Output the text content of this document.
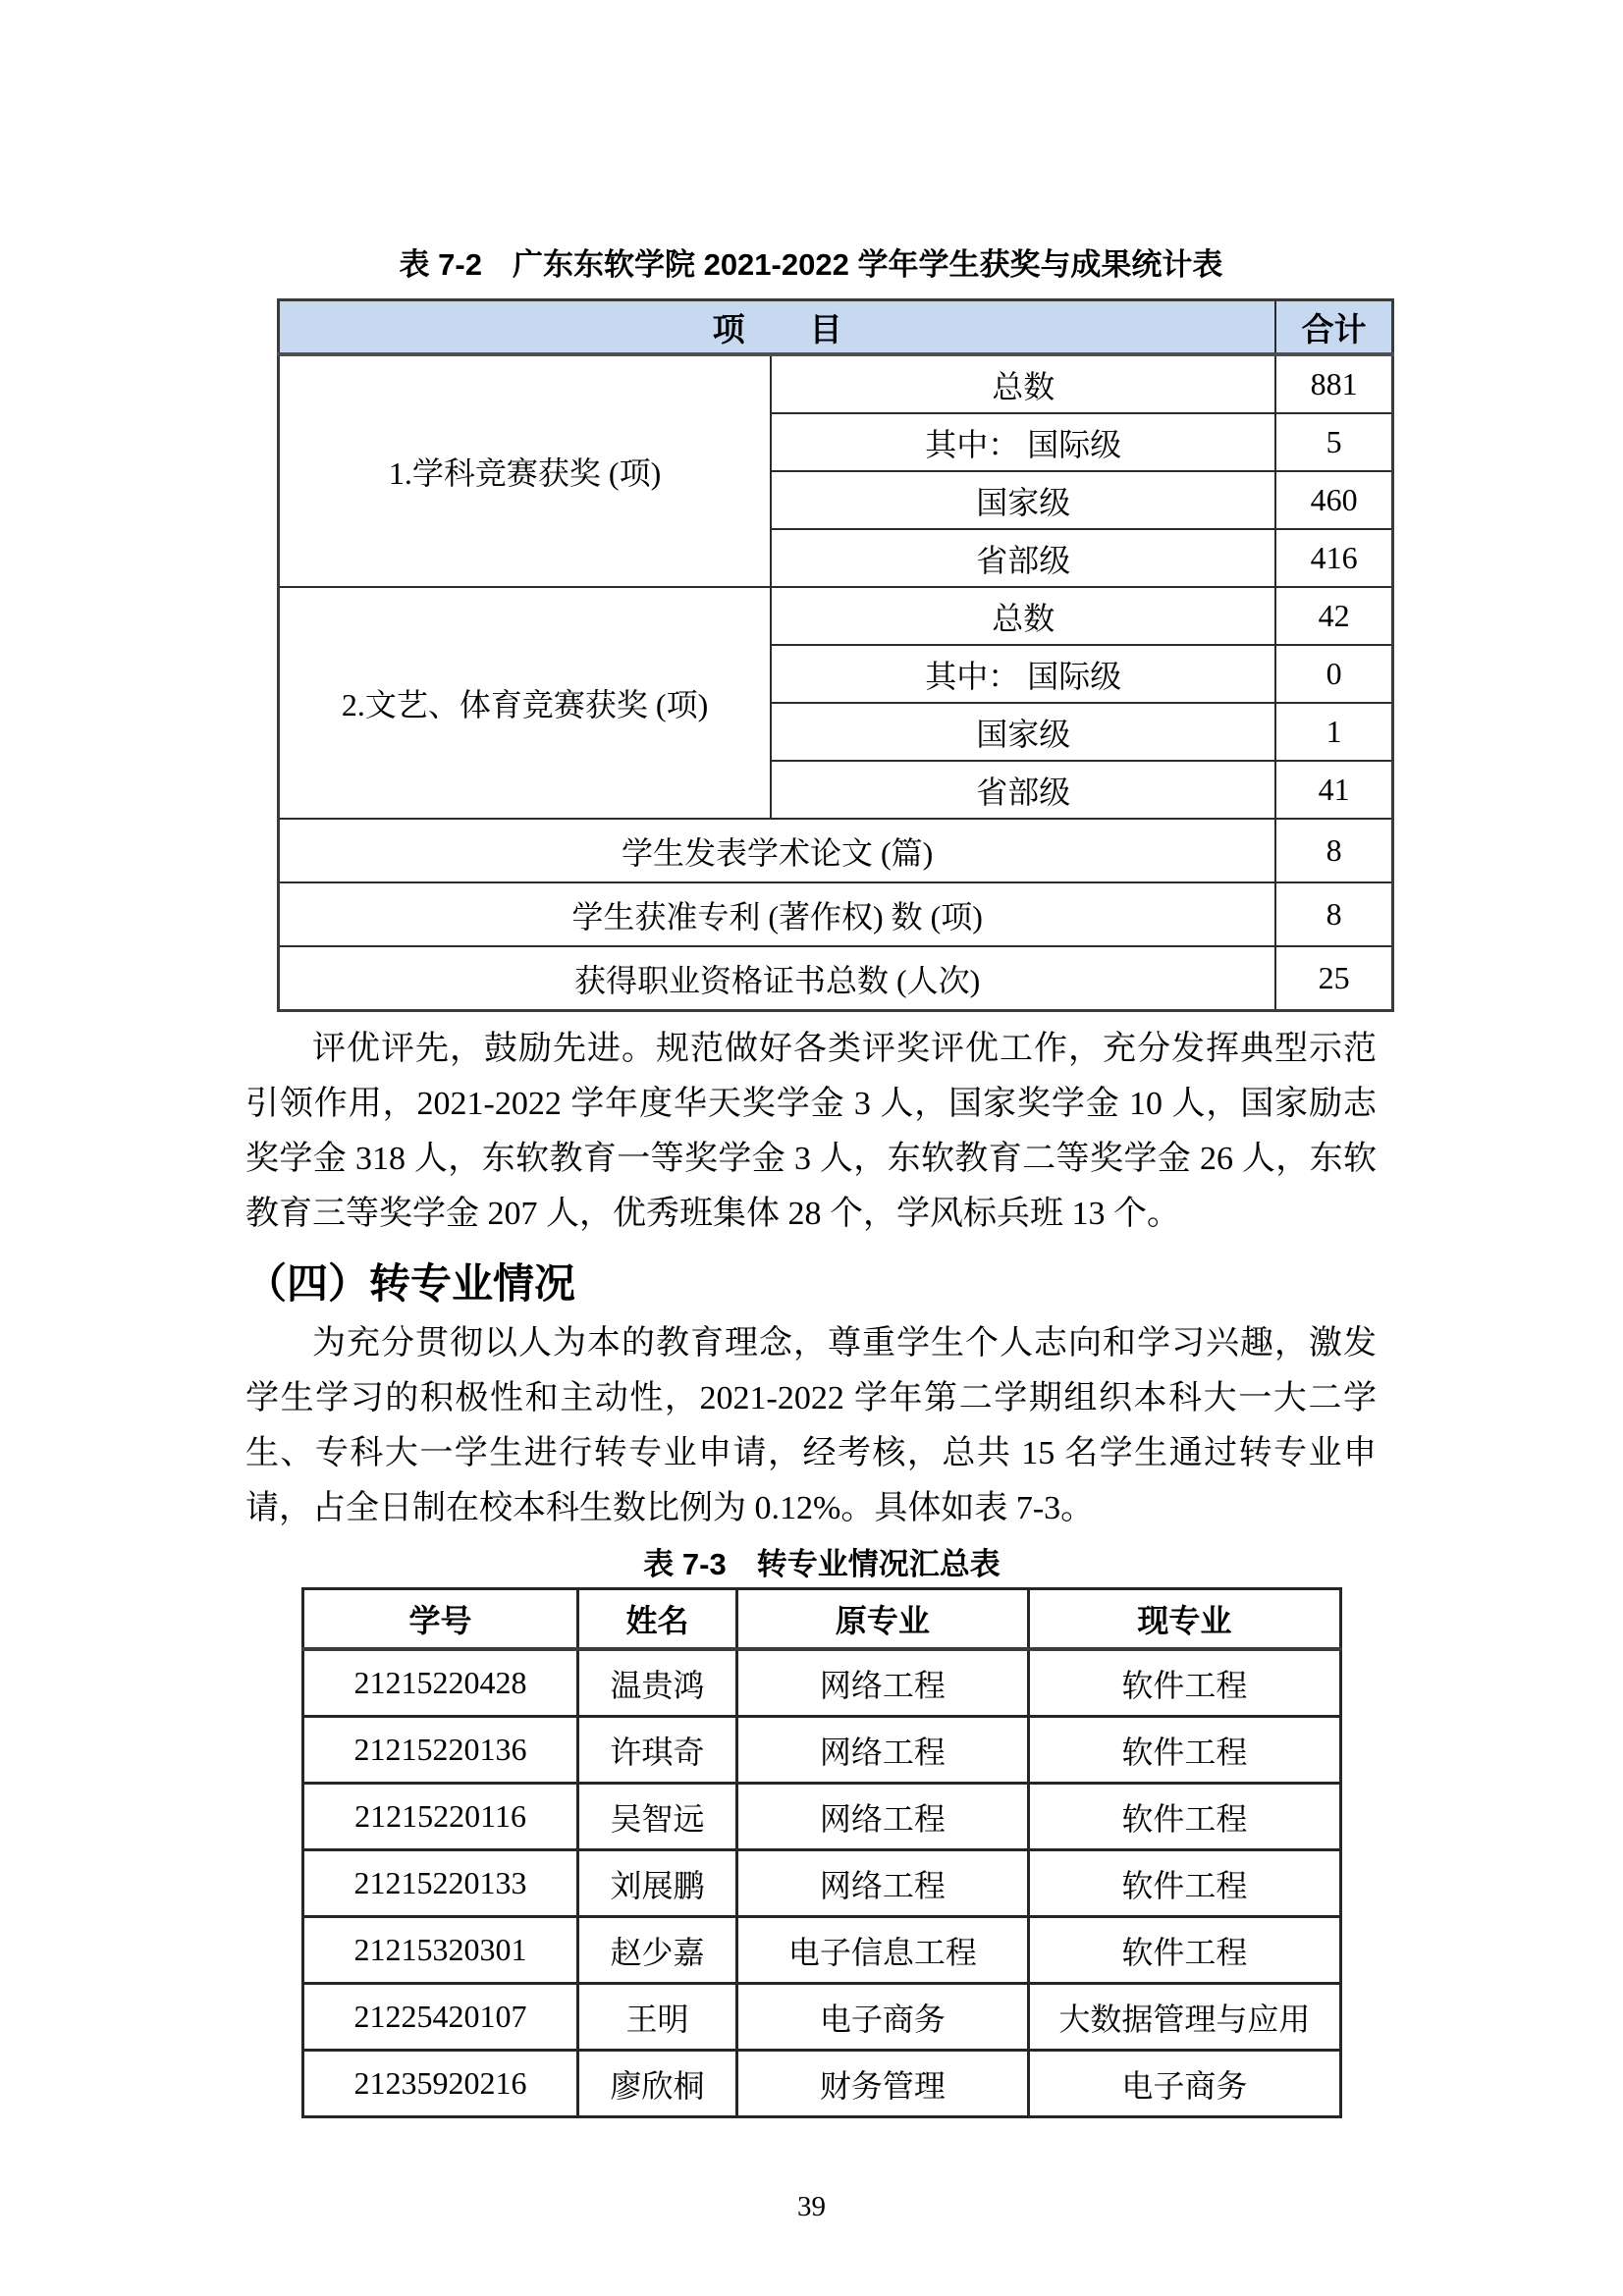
表 7-2　广东东软学院 2021-2022 学年学生获奖与成果统计表
项　　目		合计
1.学科竞赛获奖 (项)	总数	881
	其中： 国际级	5
	国家级	460
	省部级	416
2.文艺、体育竞赛获奖 (项)	总数	42
	其中： 国际级	0
	国家级	1
	省部级	41
学生发表学术论文 (篇)		8
学生获准专利 (著作权) 数 (项)		8
获得职业资格证书总数 (人次)		25

评优评先，鼓励先进。规范做好各类评奖评优工作，充分发挥典型示范引领作用，2021-2022 学年度华天奖学金 3 人，国家奖学金 10 人，国家励志奖学金 318 人，东软教育一等奖学金 3 人，东软教育二等奖学金 26 人，东软教育三等奖学金 207 人，优秀班集体 28 个，学风标兵班 13 个。

（四）转专业情况

为充分贯彻以人为本的教育理念，尊重学生个人志向和学习兴趣，激发学生学习的积极性和主动性，2021-2022 学年第二学期组织本科大一大二学生、专科大一学生进行转专业申请，经考核，总共 15 名学生通过转专业申请，占全日制在校本科生数比例为 0.12%。具体如表 7-3。

表 7-3　转专业情况汇总表
学号	姓名	原专业	现专业
21215220428	温贵鸿	网络工程	软件工程
21215220136	许琪奇	网络工程	软件工程
21215220116	吴智远	网络工程	软件工程
21215220133	刘展鹏	网络工程	软件工程
21215320301	赵少嘉	电子信息工程	软件工程
21225420107	王明	电子商务	大数据管理与应用
21235920216	廖欣桐	财务管理	电子商务
39
